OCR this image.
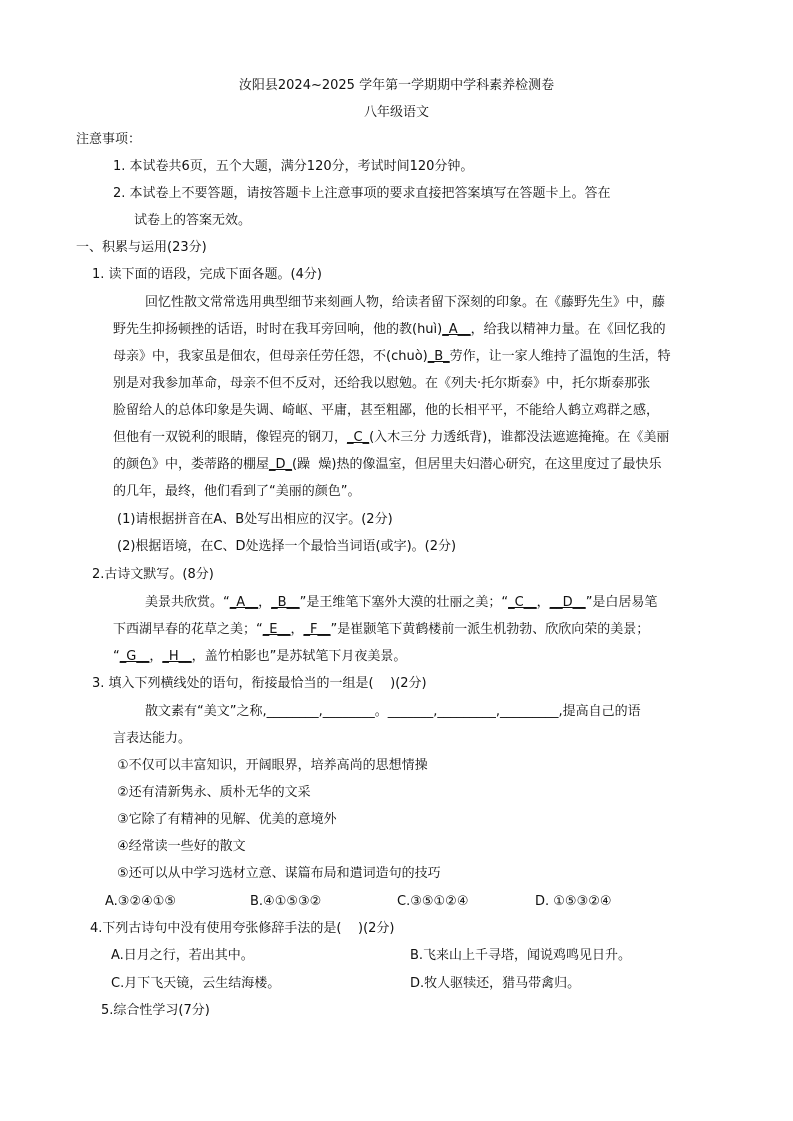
汝阳县2024~2025 学年第一学期期中学科素养检测卷
八年级语文
注意事项：
1. 本试卷共6页，五个大题，满分120分，考试时间120分钟。
2. 本试卷上不要答题，请按答题卡上注意事项的要求直接把答案填写在答题卡上。答在
试卷上的答案无效。
一、积累与运用(23分)
1. 读下面的语段，完成下面各题。(4分)
回忆性散文常常选用典型细节来刻画人物，给读者留下深刻的印象。在《藤野先生》中，藤
野先生抑扬顿挫的话语，时时在我耳旁回响，他的教(huì)_A__，给我以精神力量。在《回忆我的
母亲》中，我家虽是佃农，但母亲任劳任怨，不(chuò)_B_劳作，让一家人维持了温饱的生活，特
别是对我参加革命，母亲不但不反对，还给我以慰勉。在《列夫·托尔斯泰》中，托尔斯泰那张
脸留给人的总体印象是失调、崎岖、平庸，甚至粗鄙，他的长相平平，不能给人鹤立鸡群之感，
但他有一双锐利的眼睛，像锃亮的钢刀，_C_(入木三分 力透纸背)，谁都没法遮遮掩掩。在《美丽
的颜色》中，娄蒂路的棚屋_D_(躁  燥)热的像温室，但居里夫妇潜心研究，在这里度过了最快乐
的几年，最终，他们看到了“美丽的颜色”。
(1)请根据拼音在A、B处写出相应的汉字。(2分)
(2)根据语境，在C、D处选择一个最恰当词语(或字)。(2分)
2.古诗文默写。(8分)
美景共欣赏。“_A__，_B__”是王维笔下塞外大漠的壮丽之美；“_C__，__D__”是白居易笔
下西湖早春的花草之美；“_E__，_F__”是崔颢笔下黄鹤楼前一派生机勃勃、欣欣向荣的美景；
“_G__，_H__，盖竹柏影也”是苏轼笔下月夜美景。
3. 填入下列横线处的语句，衔接最恰当的一组是(    )(2分)
散文素有“美文”之称,________,________。_______,_________,_________,提高自己的语
言表达能力。
①不仅可以丰富知识，开阔眼界，培养高尚的思想情操
②还有清新隽永、质朴无华的文采
③它除了有精神的见解、优美的意境外
④经常读一些好的散文
⑤还可以从中学习选材立意、谋篇布局和遣词造句的技巧
A.③②④①⑤	B.④①⑤③②	C.③⑤①②④	D. ①⑤③②④
4.下列古诗句中没有使用夸张修辞手法的是(    )(2分)
A.日月之行，若出其中。	B.飞来山上千寻塔，闻说鸡鸣见日升。
C.月下飞天镜，云生结海楼。	D.牧人驱犊还，猎马带禽归。
5.综合性学习(7分)
